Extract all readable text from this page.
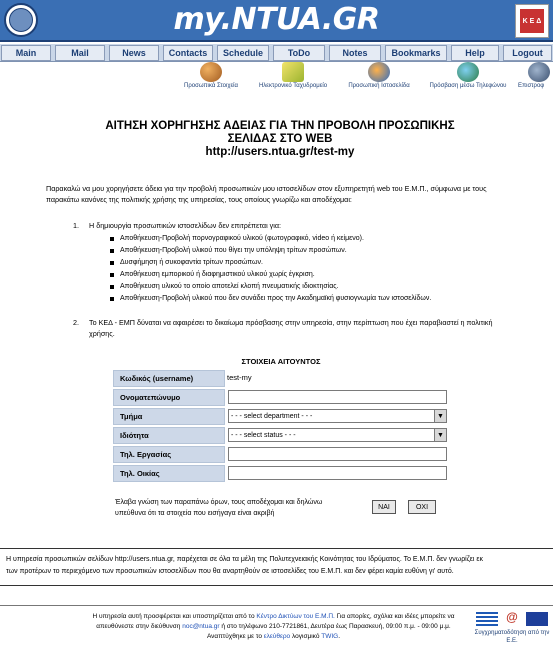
my.NTUA.GR	K E Δ
Main	Mail	News	Contacts	Schedule	ToDo	Notes	Bookmarks	Help	Logout
Προσωπικά Στοιχεία	Ηλεκτρονικό Ταχυδρομείο	Προσωπική Ιστοσελίδα	Πρόσβαση μέσω Τηλεφώνου	Επιστροφ
ΑΙΤΗΣΗ ΧΟΡΗΓΗΣΗΣ ΑΔΕΙΑΣ ΓΙΑ ΤΗΝ ΠΡΟΒΟΛΗ ΠΡΟΣΩΠΙΚΗΣ
ΣΕΛΙΔΑΣ ΣΤΟ WEB
http://users.ntua.gr/test-my
Παρακαλώ να μου χορηγήσετε άδεια για την προβολή προσωπικών μου ιστοσελίδων στον εξυπηρετητή web του Ε.Μ.Π., σύμφωνα με τους παρακάτω κανόνες της πολιτικής χρήσης της υπηρεσίας, τους οποίους γνωρίζω και αποδέχομαι:
1. Η δημιουργία προσωπικών ιστοσελίδων δεν επιτρέπεται για:
Αποθήκευση-Προβολή πορνογραφικού υλικού (φωτογραφικό, video ή κείμενο).
Αποθήκευση-Προβολή υλικού που θίγει την υπόληψη τρίτων προσώπων.
Δυσφήμηση ή συκοφαντία τρίτων προσώπων.
Αποθήκευση εμπορικού ή διαφημιστικού υλικού χωρίς έγκριση.
Αποθήκευση υλικού το οποίο αποτελεί κλοπή πνευματικής ιδιοκτησίας.
Αποθήκευση-Προβολή υλικού που δεν συνάδει προς την Ακαδημαϊκή φυσιογνωμία των ιστοσελίδων.
2. Το ΚΕΔ - ΕΜΠ δύναται να αφαιρέσει το δικαίωμα πρόσβασης στην υπηρεσία, στην περίπτωση που έχει παραβιαστεί η πολιτική χρήσης.
ΣΤΟΙΧΕΙΑ ΑΙΤΟΥΝΤΟΣ
Κωδικός (username)	test-my
Ονοματεπώνυμο
Τμήμα	- - - select department - - -	▼
Ιδιότητα	- - - select status - - -	▼
Τηλ. Εργασίας
Τηλ. Οικίας
Έλαβα γνώση των παραπάνω όρων, τους αποδέχομαι και δηλώνω υπεύθυνα ότι τα στοιχεία που εισήγαγα είναι ακριβή
ΝΑΙ	ΟΧΙ
Η υπηρεσία προσωπικών σελίδων http://users.ntua.gr, παρέχεται σε όλα τα μέλη της Πολυτεχνειακής Κοινότητας του Ιδρύματος. Το Ε.Μ.Π. δεν γνωρίζει εκ
των προτέρων το περιεχόμενο των προσωπικών ιστοσελίδων που θα αναρτηθούν σε ιστοσελίδες του Ε.Μ.Π. και δεν φέρει καμία ευθύνη γι' αυτό.
Η υπηρεσία αυτή προσφέρεται και υποστηρίζεται από το Κέντρο Δικτύων του Ε.Μ.Π. Για απορίες, σχόλια και ιδέες μπορείτε να απευθύνεστε στην διεύθυνση noc@ntua.gr ή στο τηλέφωνο 210-7721861, Δευτέρα έως Παρασκευή, 09:00 π.μ. - 09:00 μ.μ. Αναπτύχθηκε με το ελεύθερο λογισμικό TWIG.
@
Συγχρηματοδότηση από την Ε.Ε.
